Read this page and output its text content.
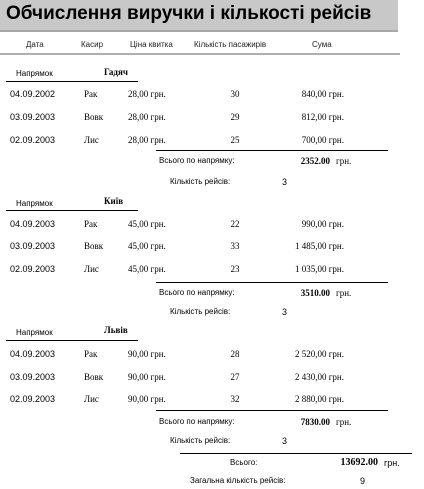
Обчислення виручки і кількості рейсів
Дата	Касир	Ціна квитка	Кількість пасажирів	Сума
Напрямок	Гадяч
04.09.2002	Рак	28,00 грн.	30	840,00 грн.
03.09.2003	Вовк	28,00 грн.	29	812,00 грн.
02.09.2003	Лис	28,00 грн.	25	700,00 грн.
Всього по напрямку:	2352.00 грн.
Кількість рейсів:	3
Напрямок	Київ
04.09.2003	Рак	45,00 грн.	22	990,00 грн.
03.09.2003	Вовк	45,00 грн.	33	1 485,00 грн.
02.09.2003	Лис	45,00 грн.	23	1 035,00 грн.
Всього по напрямку:	3510.00 грн.
Кількість рейсів:	3
Напрямок	Львів
04.09.2003	Рак	90,00 грн.	28	2 520,00 грн.
03.09.2003	Вовк	90,00 грн.	27	2 430,00 грн.
02.09.2003	Лис	90,00 грн.	32	2 880,00 грн.
Всього по напрямку:	7830.00 грн.
Кількість рейсів:	3
Всього:	13692.00 грн.
Загальна кількість рейсів:	9
